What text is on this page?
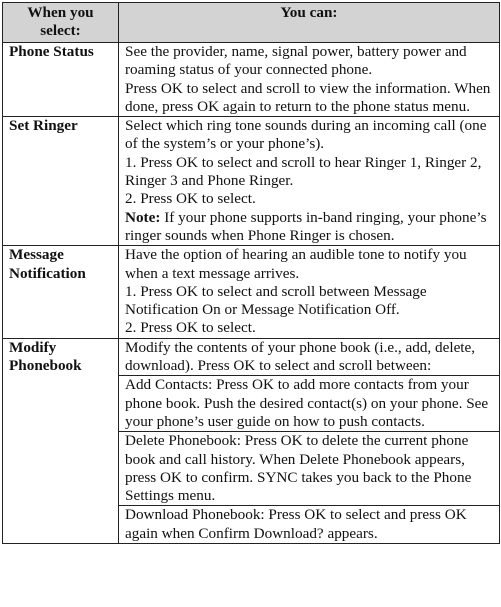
When you select:	You can:
Phone Status	See the provider, name, signal power, battery power and roaming status of your connected phone.
Press OK to select and scroll to view the information. When done, press OK again to return to the phone status menu.

Set Ringer	Select which ring tone sounds during an incoming call (one of the system’s or your phone’s).
1. Press OK to select and scroll to hear Ringer 1, Ringer 2, Ringer 3 and Phone Ringer.
2. Press OK to select.
Note: If your phone supports in-band ringing, your phone’s ringer sounds when Phone Ringer is chosen.

Message Notification	Have the option of hearing an audible tone to notify you when a text message arrives.
1. Press OK to select and scroll between Message Notification On or Message Notification Off.
2. Press OK to select.

Modify Phonebook	Modify the contents of your phone book (i.e., add, delete, download). Press OK to select and scroll between:
	Add Contacts: Press OK to add more contacts from your phone book. Push the desired contact(s) on your phone. See your phone’s user guide on how to push contacts.
	Delete Phonebook: Press OK to delete the current phone book and call history. When Delete Phonebook appears, press OK to confirm. SYNC takes you back to the Phone Settings menu.
	Download Phonebook: Press OK to select and press OK again when Confirm Download? appears.
